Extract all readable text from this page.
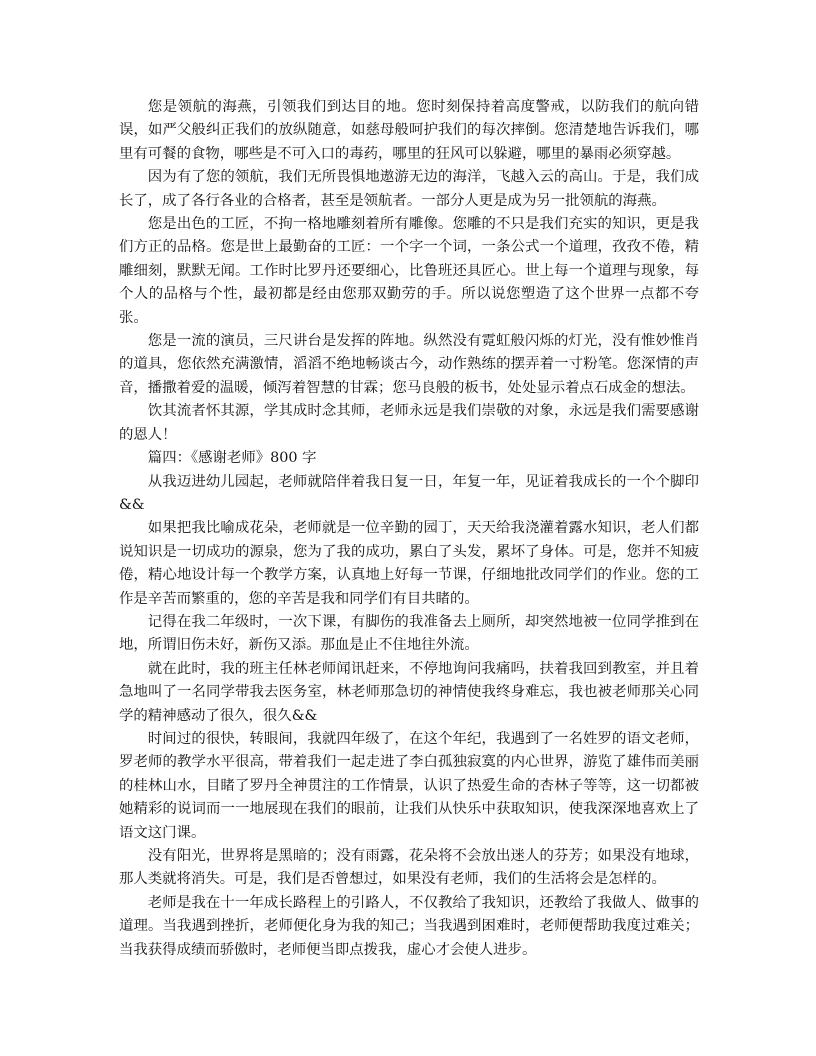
您是领航的海燕，引领我们到达目的地。您时刻保持着高度警戒，以防我们的航向错误，如严父般纠正我们的放纵随意，如慈母般呵护我们的每次摔倒。您清楚地告诉我们，哪里有可餐的食物，哪些是不可入口的毒药，哪里的狂风可以躲避，哪里的暴雨必须穿越。

因为有了您的领航，我们无所畏惧地遨游无边的海洋，飞越入云的高山。于是，我们成长了，成了各行各业的合格者，甚至是领航者。一部分人更是成为另一批领航的海燕。

您是出色的工匠，不拘一格地雕刻着所有雕像。您雕的不只是我们充实的知识，更是我们方正的品格。您是世上最勤奋的工匠：一个字一个词，一条公式一个道理，孜孜不倦，精雕细刻，默默无闻。工作时比罗丹还要细心，比鲁班还具匠心。世上每一个道理与现象，每个人的品格与个性，最初都是经由您那双勤劳的手。所以说您塑造了这个世界一点都不夸张。

您是一流的演员，三尺讲台是发挥的阵地。纵然没有霓虹般闪烁的灯光，没有惟妙惟肖的道具，您依然充满激情，滔滔不绝地畅谈古今，动作熟练的摆弄着一寸粉笔。您深情的声音，播撒着爱的温暖，倾泻着智慧的甘霖；您马良般的板书，处处显示着点石成金的想法。

饮其流者怀其源，学其成时念其师，老师永远是我们崇敬的对象，永远是我们需要感谢的恩人！

篇四：《感谢老师》800 字

从我迈进幼儿园起，老师就陪伴着我日复一日，年复一年，见证着我成长的一个个脚印&&

如果把我比喻成花朵，老师就是一位辛勤的园丁，天天给我浇灌着露水知识，老人们都说知识是一切成功的源泉，您为了我的成功，累白了头发，累坏了身体。可是，您并不知疲倦，精心地设计每一个教学方案，认真地上好每一节课，仔细地批改同学们的作业。您的工作是辛苦而繁重的，您的辛苦是我和同学们有目共睹的。

记得在我二年级时，一次下课，有脚伤的我准备去上厕所，却突然地被一位同学推到在地，所谓旧伤未好，新伤又添。那血是止不住地往外流。

就在此时，我的班主任林老师闻讯赶来，不停地询问我痛吗，扶着我回到教室，并且着急地叫了一名同学带我去医务室，林老师那急切的神情使我终身难忘，我也被老师那关心同学的精神感动了很久，很久&&

时间过的很快，转眼间，我就四年级了，在这个年纪，我遇到了一名姓罗的语文老师，罗老师的教学水平很高，带着我们一起走进了李白孤独寂寞的内心世界，游览了雄伟而美丽的桂林山水，目睹了罗丹全神贯注的工作情景，认识了热爱生命的杏林子等等，这一切都被她精彩的说词而一一地展现在我们的眼前，让我们从快乐中获取知识，使我深深地喜欢上了语文这门课。

没有阳光，世界将是黑暗的；没有雨露，花朵将不会放出迷人的芬芳；如果没有地球，那人类就将消失。可是，我们是否曾想过，如果没有老师，我们的生活将会是怎样的。

老师是我在十一年成长路程上的引路人，不仅教给了我知识，还教给了我做人、做事的道理。当我遇到挫折，老师便化身为我的知己；当我遇到困难时，老师便帮助我度过难关；当我获得成绩而骄傲时，老师便当即点拨我，虚心才会使人进步。
